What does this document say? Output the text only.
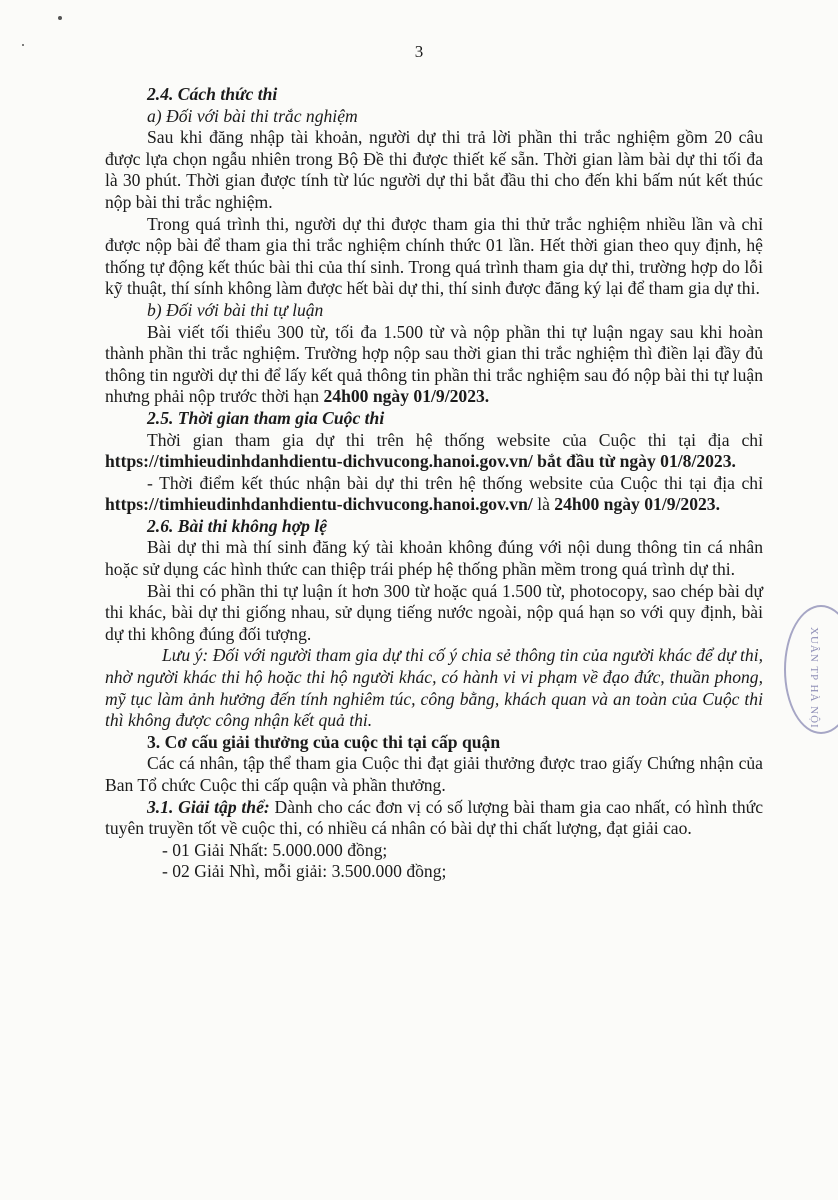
3
XUÂN TP HÀ NỘI

2.4. Cách thức thi

a) Đối với bài thi trắc nghiệm

Sau khi đăng nhập tài khoản, người dự thi trả lời phần thi trắc nghiệm gồm 20 câu được lựa chọn ngẫu nhiên trong Bộ Đề thi được thiết kế sẵn. Thời gian làm bài dự thi tối đa là 30 phút. Thời gian được tính từ lúc người dự thi bắt đầu thi cho đến khi bấm nút kết thúc nộp bài thi trắc nghiệm.

Trong quá trình thi, người dự thi được tham gia thi thử trắc nghiệm nhiều lần và chỉ được nộp bài để tham gia thi trắc nghiệm chính thức 01 lần. Hết thời gian theo quy định, hệ thống tự động kết thúc bài thi của thí sinh. Trong quá trình tham gia dự thi, trường hợp do lỗi kỹ thuật, thí sính không làm được hết bài dự thi, thí sinh được đăng ký lại để tham gia dự thi.

b) Đối với bài thi tự luận

Bài viết tối thiểu 300 từ, tối đa 1.500 từ và nộp phần thi tự luận ngay sau khi hoàn thành phần thi trắc nghiệm. Trường hợp nộp sau thời gian thi trắc nghiệm thì điền lại đầy đủ thông tin người dự thi để lấy kết quả thông tin phần thi trắc nghiệm sau đó nộp bài thi tự luận nhưng phải nộp trước thời hạn 24h00 ngày 01/9/2023.

2.5. Thời gian tham gia Cuộc thi

Thời gian tham gia dự thi trên hệ thống website của Cuộc thi tại địa chỉ https://timhieudinhdanhdientu-dichvucong.hanoi.gov.vn/ bắt đầu từ ngày 01/8/2023.

- Thời điểm kết thúc nhận bài dự thi trên hệ thống website của Cuộc thi tại địa chỉ https://timhieudinhdanhdientu-dichvucong.hanoi.gov.vn/ là 24h00 ngày 01/9/2023.

2.6. Bài thi không hợp lệ

Bài dự thi mà thí sinh đăng ký tài khoản không đúng với nội dung thông tin cá nhân hoặc sử dụng các hình thức can thiệp trái phép hệ thống phần mềm trong quá trình dự thi.

Bài thi có phần thi tự luận ít hơn 300 từ hoặc quá 1.500 từ, photocopy, sao chép bài dự thi khác, bài dự thi giống nhau, sử dụng tiếng nước ngoài, nộp quá hạn so với quy định, bài dự thi không đúng đối tượng.

Lưu ý: Đối với người tham gia dự thi cố ý chia sẻ thông tin của người khác để dự thi, nhờ người khác thi hộ hoặc thi hộ người khác, có hành vi vi phạm về đạo đức, thuần phong, mỹ tục làm ảnh hưởng đến tính nghiêm túc, công bằng, khách quan và an toàn của Cuộc thi thì không được công nhận kết quả thi.

3. Cơ cấu giải thưởng của cuộc thi tại cấp quận

Các cá nhân, tập thể tham gia Cuộc thi đạt giải thưởng được trao giấy Chứng nhận của Ban Tổ chức Cuộc thi cấp quận và phần thưởng.

3.1. Giải tập thể: Dành cho các đơn vị có số lượng bài tham gia cao nhất, có hình thức tuyên truyền tốt về cuộc thi, có nhiều cá nhân có bài dự thi chất lượng, đạt giải cao.

- 01 Giải Nhất: 5.000.000 đồng;

- 02 Giải Nhì, mỗi giải: 3.500.000 đồng;
